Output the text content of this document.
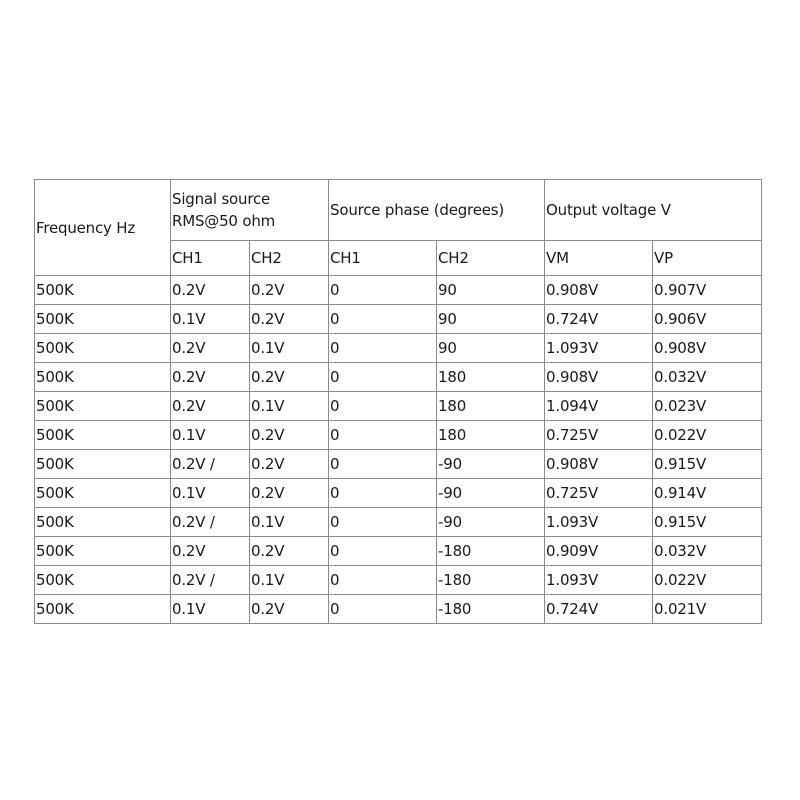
Frequency Hz	Signal source RMS@50 ohm		Source phase (degrees)		Output voltage V	
	CH1	CH2	CH1	CH2	VM	VP
500K	0.2V	0.2V	0	90	0.908V	0.907V
500K	0.1V	0.2V	0	90	0.724V	0.906V
500K	0.2V	0.1V	0	90	1.093V	0.908V
500K	0.2V	0.2V	0	180	0.908V	0.032V
500K	0.2V	0.1V	0	180	1.094V	0.023V
500K	0.1V	0.2V	0	180	0.725V	0.022V
500K	0.2V /	0.2V	0	-90	0.908V	0.915V
500K	0.1V	0.2V	0	-90	0.725V	0.914V
500K	0.2V /	0.1V	0	-90	1.093V	0.915V
500K	0.2V	0.2V	0	-180	0.909V	0.032V
500K	0.2V /	0.1V	0	-180	1.093V	0.022V
500K	0.1V	0.2V	0	-180	0.724V	0.021V
